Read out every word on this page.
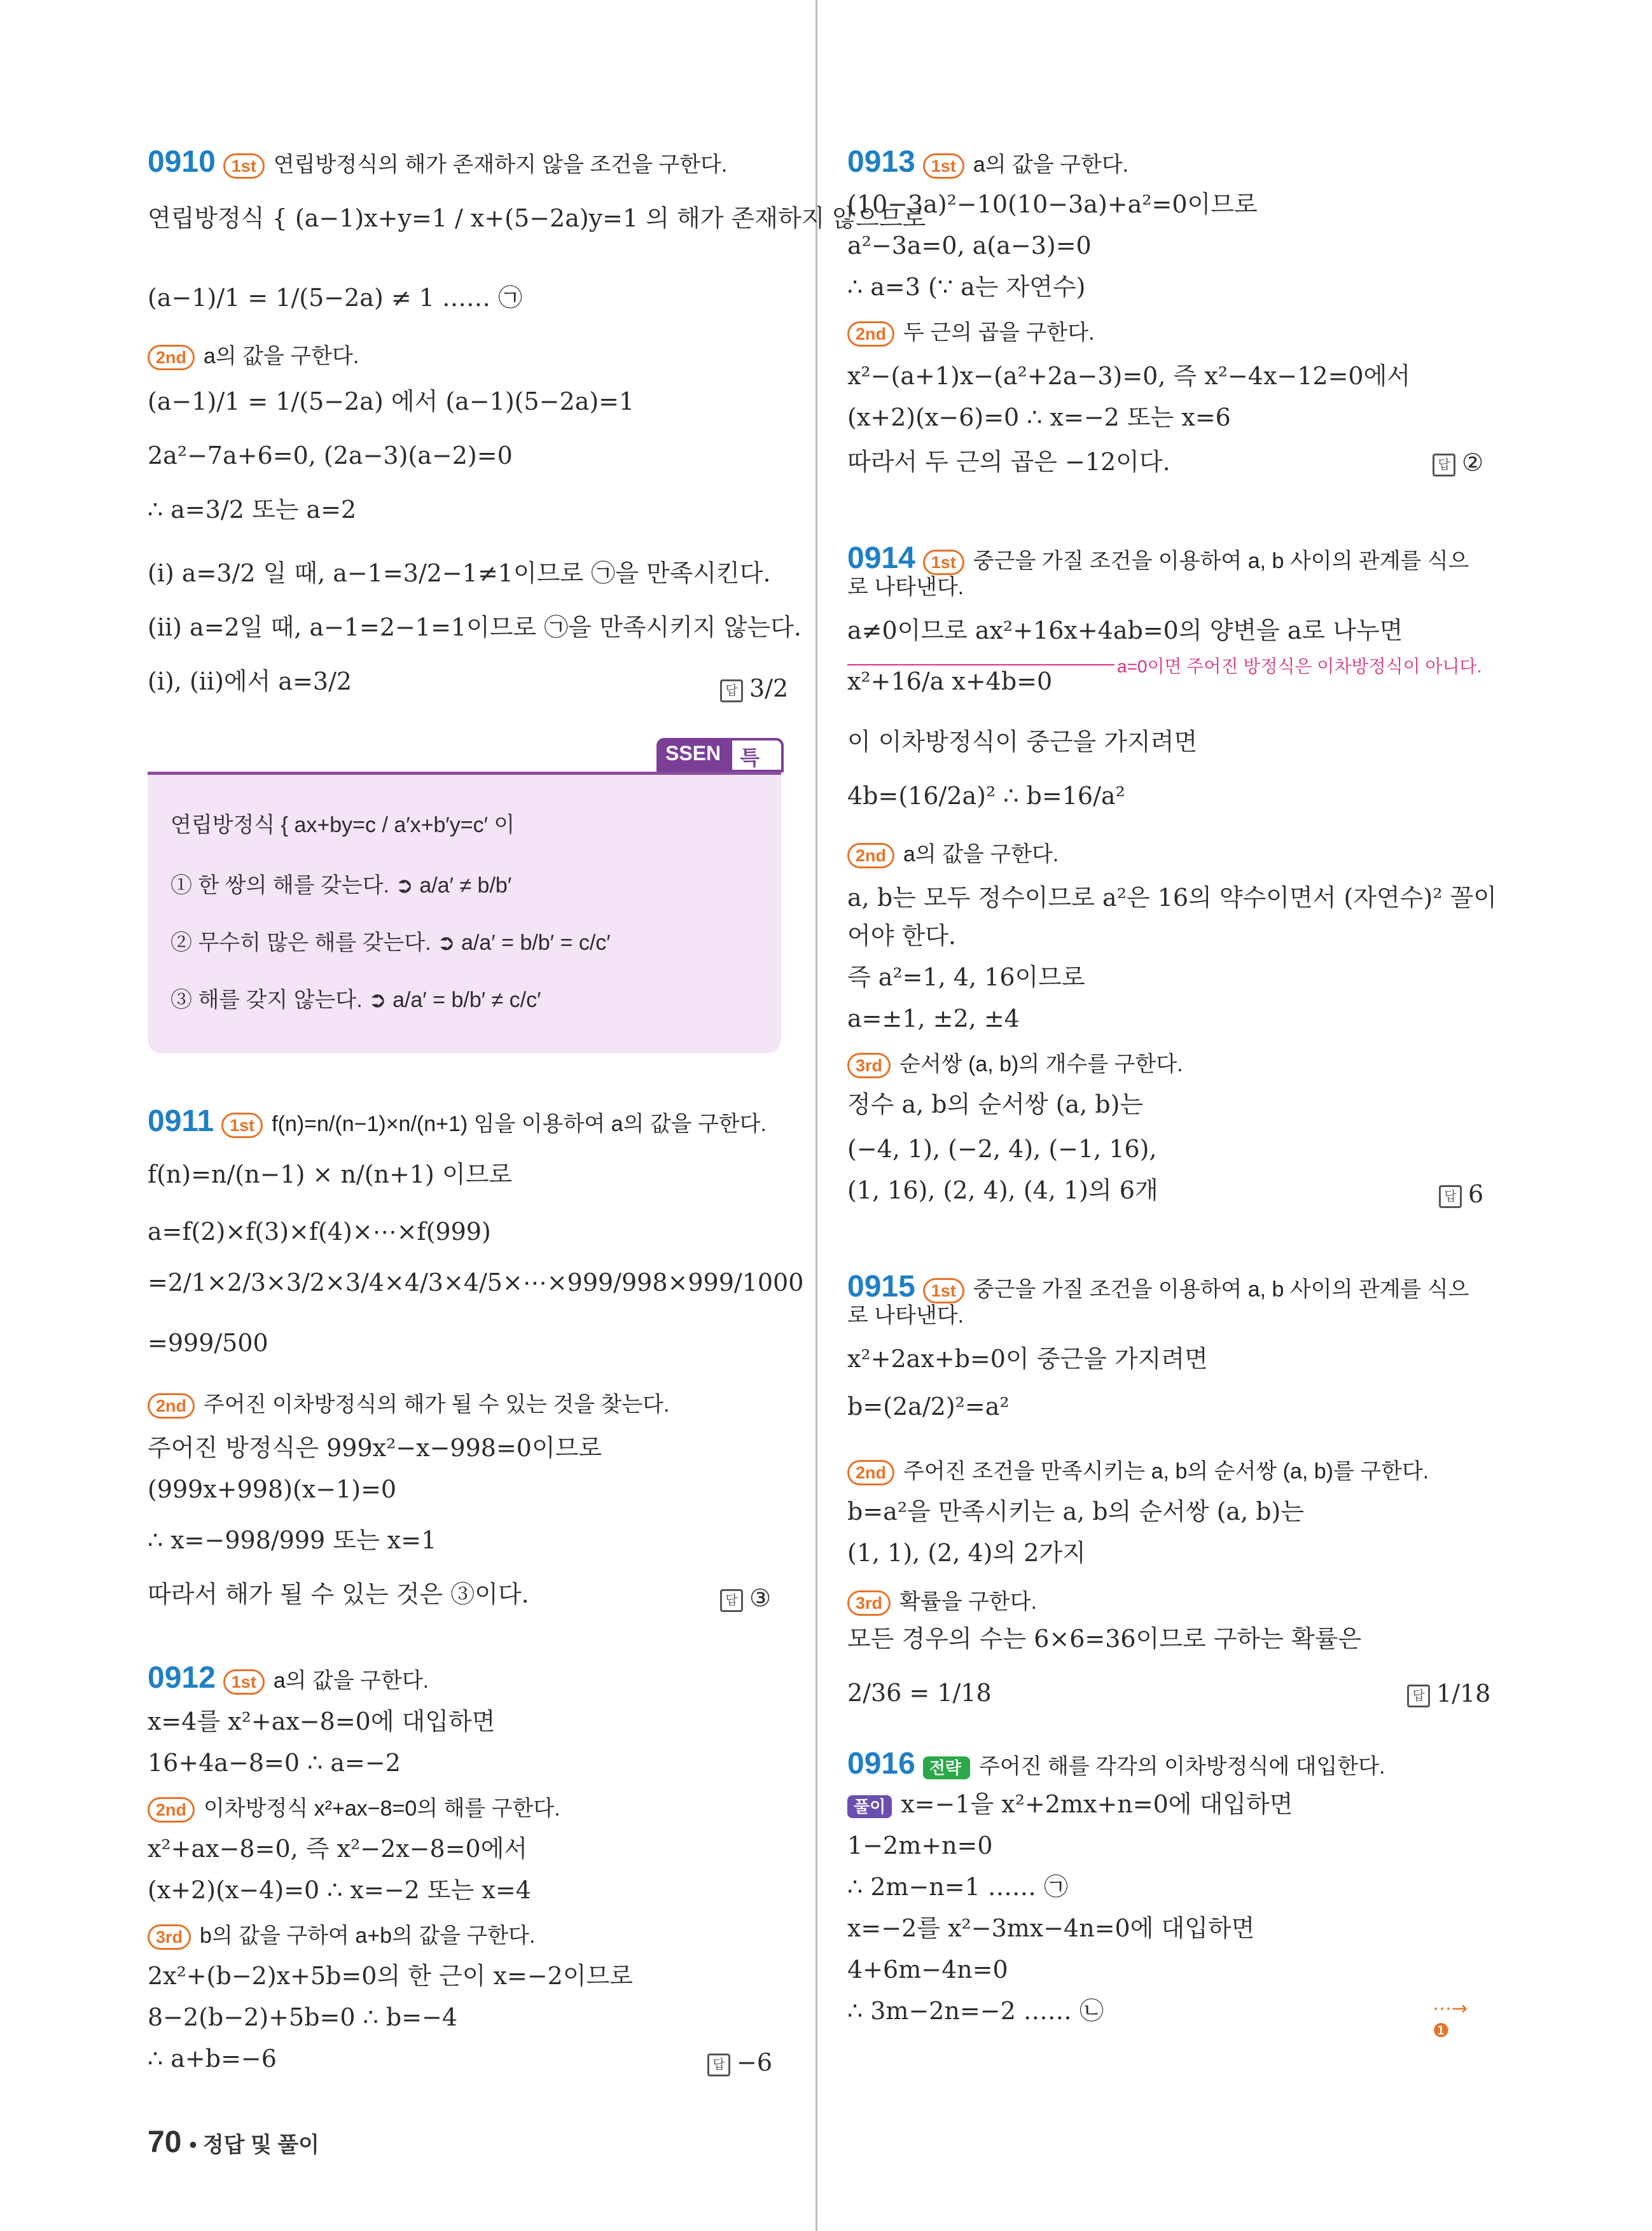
0910 1st 연립방정식의 해가 존재하지 않을 조건을 구한다.
연립방정식 { (a−1)x+y=1 / x+(5−2a)y=1 의 해가 존재하지 않으므로
(a−1)/1 = 1/(5−2a) ≠ 1 …… ㉠
2nd a의 값을 구한다.
(a−1)/1 = 1/(5−2a) 에서 (a−1)(5−2a)=1
2a²−7a+6=0, (2a−3)(a−2)=0
∴ a=3/2 또는 a=2
(ⅰ) a=3/2 일 때, a−1=3/2−1≠1이므로 ㉠을 만족시킨다.
(ⅱ) a=2일 때, a−1=2−1=1이므로 ㉠을 만족시키지 않는다.
(ⅰ), (ⅱ)에서 a=3/2
0911 1st f(n)=n/(n−1)×n/(n+1) 임을 이용하여 a의 값을 구한다.
f(n)=n/(n−1) × n/(n+1) 이므로
a=f(2)×f(3)×f(4)×⋯×f(999)
=2/1×2/3×3/2×3/4×4/3×4/5×⋯×999/998×999/1000
=999/500
2nd 주어진 이차방정식의 해가 될 수 있는 것을 찾는다.
주어진 방정식은 999x²−x−998=0이므로
(999x+998)(x−1)=0
∴ x=−998/999 또는 x=1
따라서 해가 될 수 있는 것은 ③이다.
0912 1st a의 값을 구한다.
x=4를 x²+ax−8=0에 대입하면
16+4a−8=0 ∴ a=−2
2nd 이차방정식 x²+ax−8=0의 해를 구한다.
x²+ax−8=0, 즉 x²−2x−8=0에서
(x+2)(x−4)=0 ∴ x=−2 또는 x=4
3rd b의 값을 구하여 a+b의 값을 구한다.
2x²+(b−2)x+5b=0의 한 근이 x=−2이므로
8−2(b−2)+5b=0 ∴ b=−4
∴ a+b=−6
답 3/2
답 ③
답 −6
SSEN 특
연립방정식 { ax+by=c / a′x+b′y=c′ 이
① 한 쌍의 해를 갖는다. ➲ a/a′ ≠ b/b′
② 무수히 많은 해를 갖는다. ➲ a/a′ = b/b′ = c/c′
③ 해를 갖지 않는다. ➲ a/a′ = b/b′ ≠ c/c′
0913 1st a의 값을 구한다.
(10−3a)²−10(10−3a)+a²=0이므로
a²−3a=0, a(a−3)=0
∴ a=3 (∵ a는 자연수)
2nd 두 근의 곱을 구한다.
x²−(a+1)x−(a²+2a−3)=0, 즉 x²−4x−12=0에서
(x+2)(x−6)=0 ∴ x=−2 또는 x=6
따라서 두 근의 곱은 −12이다.
0914 1st 중근을 가질 조건을 이용하여 a, b 사이의 관계를 식으
로 나타낸다.
a≠0이므로 ax²+16x+4ab=0의 양변을 a로 나누면
x²+16/a x+4b=0
이 이차방정식이 중근을 가지려면
4b=(16/2a)² ∴ b=16/a²
2nd a의 값을 구한다.
a, b는 모두 정수이므로 a²은 16의 약수이면서 (자연수)² 꼴이
어야 한다.
즉 a²=1, 4, 16이므로
a=±1, ±2, ±4
3rd 순서쌍 (a, b)의 개수를 구한다.
정수 a, b의 순서쌍 (a, b)는
(−4, 1), (−2, 4), (−1, 16),
(1, 16), (2, 4), (4, 1)의 6개
0915 1st 중근을 가질 조건을 이용하여 a, b 사이의 관계를 식으
로 나타낸다.
x²+2ax+b=0이 중근을 가지려면
b=(2a/2)²=a²
2nd 주어진 조건을 만족시키는 a, b의 순서쌍 (a, b)를 구한다.
b=a²을 만족시키는 a, b의 순서쌍 (a, b)는
(1, 1), (2, 4)의 2가지
3rd 확률을 구한다.
모든 경우의 수는 6×6=36이므로 구하는 확률은
2/36 = 1/18
0916 전략 주어진 해를 각각의 이차방정식에 대입한다.
풀이 x=−1을 x²+2mx+n=0에 대입하면
1−2m+n=0
∴ 2m−n=1 …… ㉠
x=−2를 x²−3mx−4n=0에 대입하면
4+6m−4n=0
∴ 3m−2n=−2 …… ㉡
답 ②
답 6
답 1/18
a=0이면 주어진 방정식은 이차방정식이 아니다.
⋯→ ❶
70 • 정답 및 풀이
